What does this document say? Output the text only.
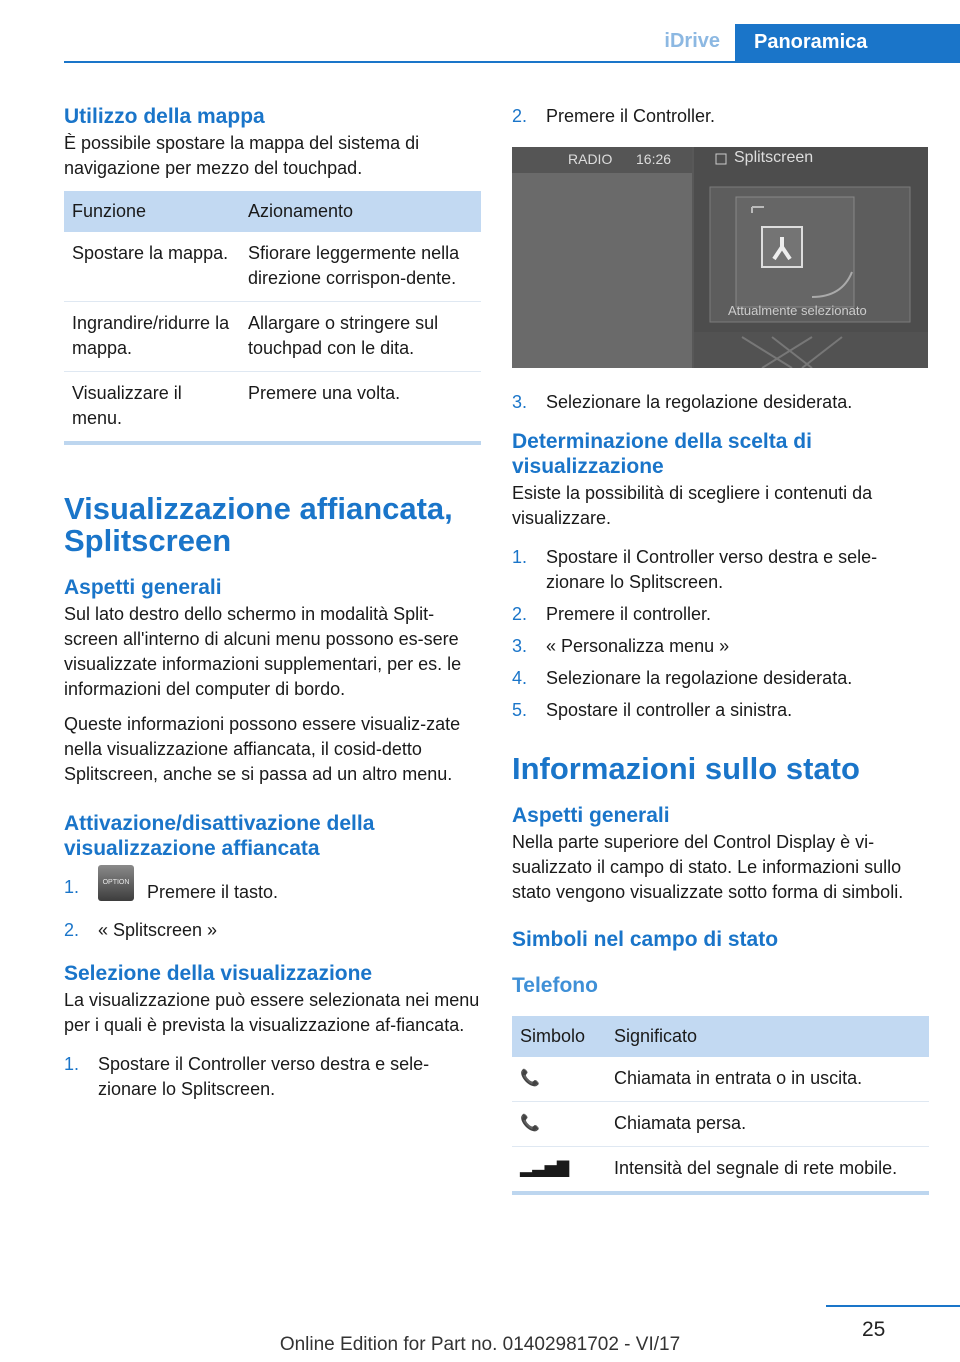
iDrive	Panoramica
Utilizzo della mappa

È possibile spostare la mappa del sistema di navigazione per mezzo del touchpad.

Funzione	Azionamento
Spostare la mappa.	Sfiorare leggermente nella direzione corrispon-dente.
Ingrandire/ridurre la mappa.	Allargare o stringere sul touchpad con le dita.
Visualizzare il menu.	Premere una volta.
Visualizzazione affiancata, Splitscreen
Aspetti generali

Sul lato destro dello schermo in modalità Split-screen all'interno di alcuni menu possono es-sere visualizzate informazioni supplementari, per es. le informazioni del computer di bordo.

Queste informazioni possono essere visualiz-zate nella visualizzazione affiancata, il cosid-detto Splitscreen, anche se si passa ad un altro menu.

Attivazione/disattivazione della visualizzazione affiancata
1.	OPTION Premere il tasto.
2. « Splitscreen »
Selezione della visualizzazione

La visualizzazione può essere selezionata nei menu per i quali è prevista la visualizzazione af-fiancata.

1. Spostare il Controller verso destra e sele-zionare lo Splitscreen.
2. Premere il Controller.
RADIO 16:26	Splitscreen
Attualmente selezionato
3. Selezionare la regolazione desiderata.
Determinazione della scelta di visualizzazione

Esiste la possibilità di scegliere i contenuti da visualizzare.

1. Spostare il Controller verso destra e sele-zionare lo Splitscreen.
2. Premere il controller.
3. « Personalizza menu »
4. Selezionare la regolazione desiderata.
5. Spostare il controller a sinistra.
Informazioni sullo stato
Aspetti generali

Nella parte superiore del Control Display è vi-sualizzato il campo di stato. Le informazioni sullo stato vengono visualizzate sotto forma di simboli.

Simboli nel campo di stato
Telefono
Simbolo	Significato
📞	Chiamata in entrata o in uscita.
📞	Chiamata persa.
▂▃▅▇	Intensità del segnale di rete mobile.
25
Online Edition for Part no. 01402981702 - VI/17
